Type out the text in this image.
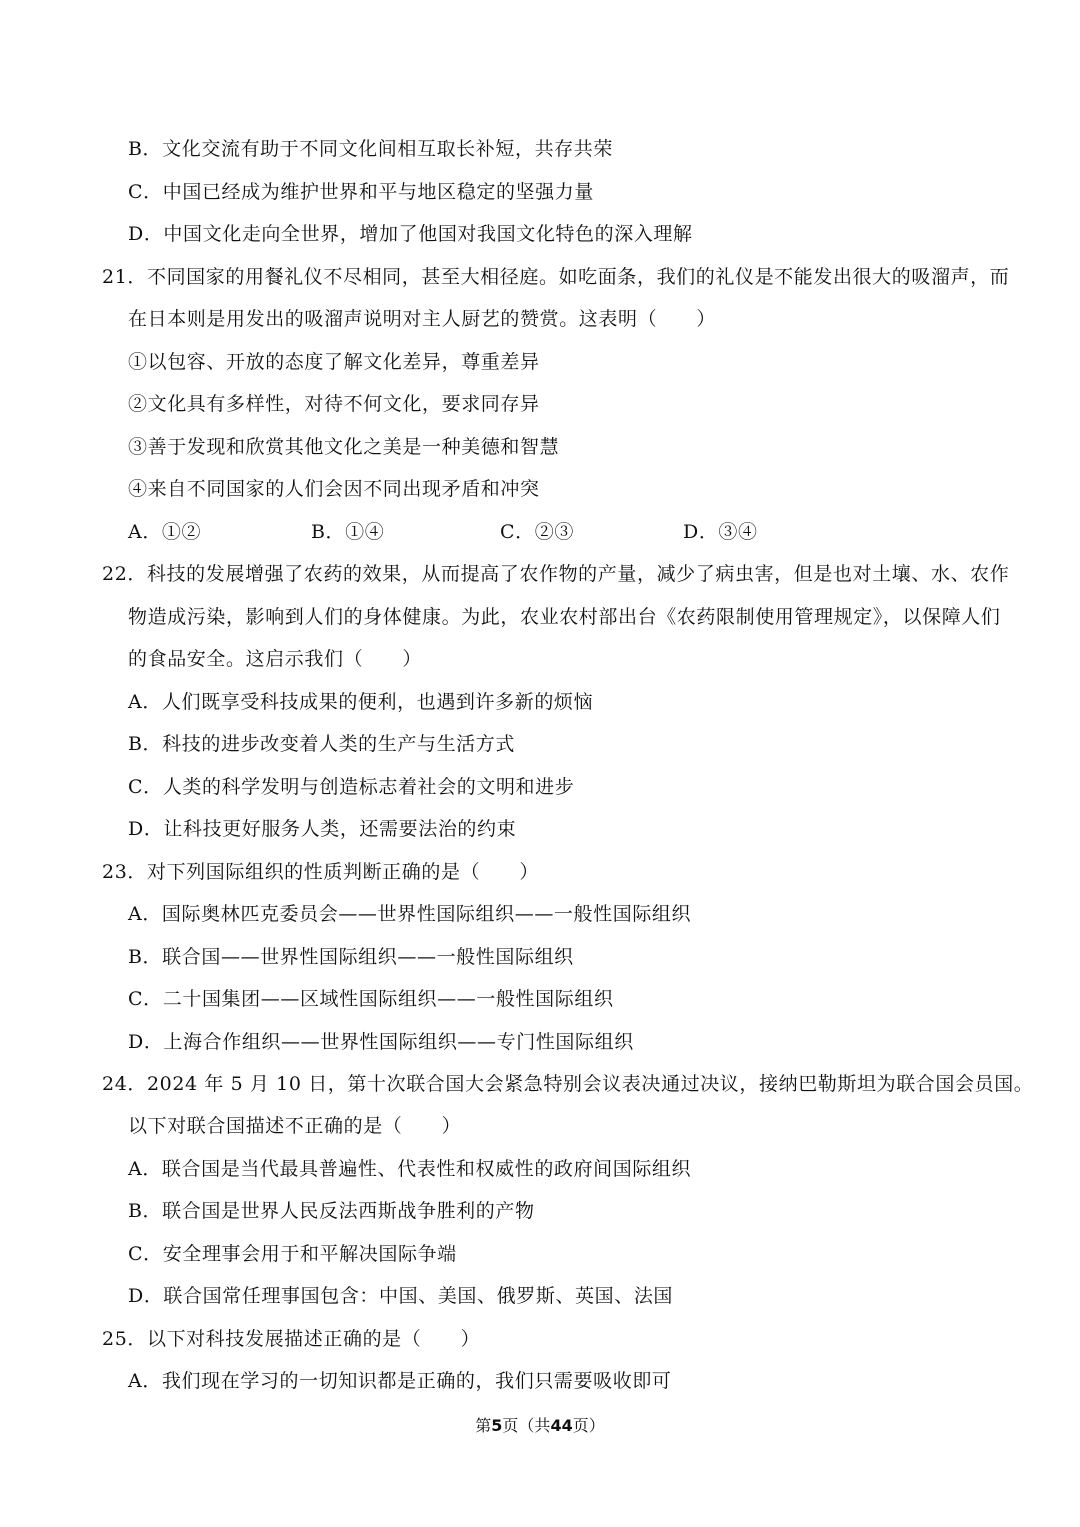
B．文化交流有助于不同文化间相互取长补短，共存共荣
C．中国已经成为维护世界和平与地区稳定的坚强力量
D．中国文化走向全世界，增加了他国对我国文化特色的深入理解
21．不同国家的用餐礼仪不尽相同，甚至大相径庭。如吃面条，我们的礼仪是不能发出很大的吸溜声，而
在日本则是用发出的吸溜声说明对主人厨艺的赞赏。这表明（　　）
①以包容、开放的态度了解文化差异，尊重差异
②文化具有多样性，对待不何文化，要求同存异
③善于发现和欣赏其他文化之美是一种美德和智慧
④来自不同国家的人们会因不同出现矛盾和冲突
A．①②	B．①④	C．②③	D．③④
22．科技的发展增强了农药的效果，从而提高了农作物的产量，减少了病虫害，但是也对土壤、水、农作
物造成污染，影响到人们的身体健康。为此，农业农村部出台《农药限制使用管理规定》，以保障人们
的食品安全。这启示我们（　　）
A．人们既享受科技成果的便利，也遇到许多新的烦恼
B．科技的进步改变着人类的生产与生活方式
C．人类的科学发明与创造标志着社会的文明和进步
D．让科技更好服务人类，还需要法治的约束
23．对下列国际组织的性质判断正确的是（　　）
A．国际奥林匹克委员会——世界性国际组织——一般性国际组织
B．联合国——世界性国际组织——一般性国际组织
C．二十国集团——区域性国际组织——一般性国际组织
D．上海合作组织——世界性国际组织——专门性国际组织
24．2024 年 5 月 10 日，第十次联合国大会紧急特别会议表决通过决议，接纳巴勒斯坦为联合国会员国。
以下对联合国描述不正确的是（　　）
A．联合国是当代最具普遍性、代表性和权威性的政府间国际组织
B．联合国是世界人民反法西斯战争胜利的产物
C．安全理事会用于和平解决国际争端
D．联合国常任理事国包含：中国、美国、俄罗斯、英国、法国
25．以下对科技发展描述正确的是（　　）
A．我们现在学习的一切知识都是正确的，我们只需要吸收即可
第5页（共44页）
